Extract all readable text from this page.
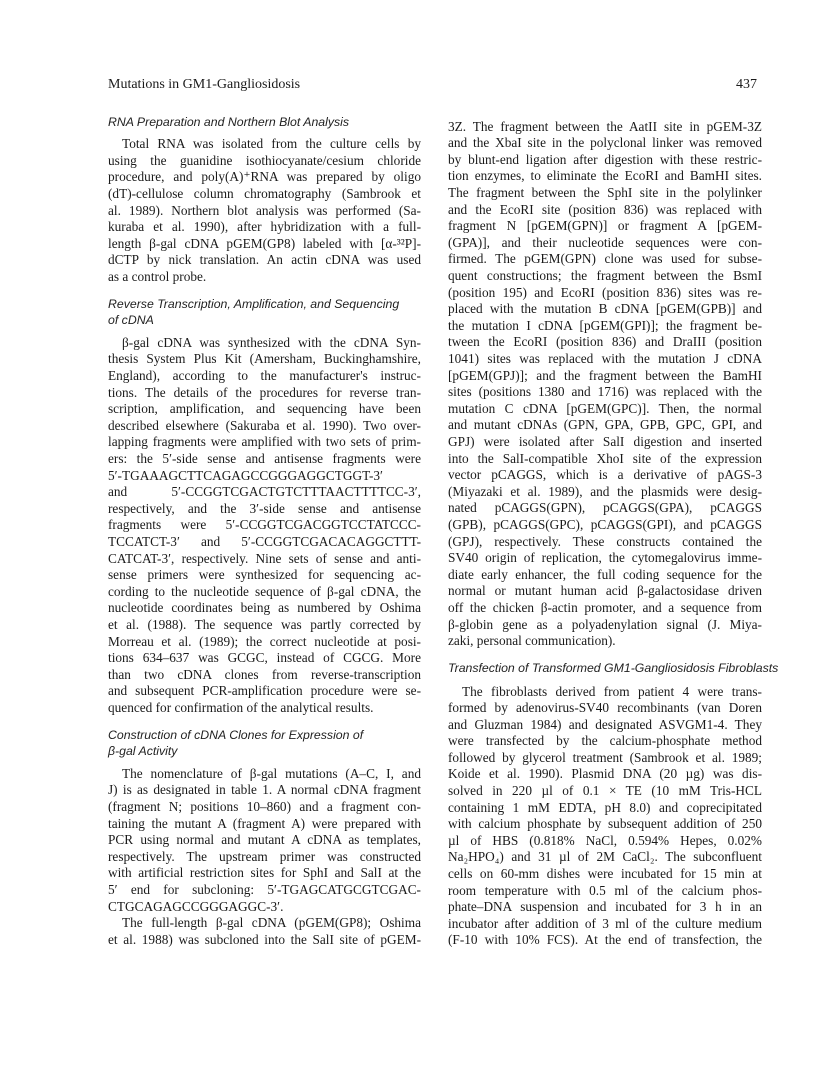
Mutations in GM1-Gangliosidosis	437
RNA Preparation and Northern Blot Analysis
Total RNA was isolated from the culture cells by
using the guanidine isothiocyanate/cesium chloride
procedure, and poly(A)⁺RNA was prepared by oligo
(dT)-cellulose column chromatography (Sambrook et
al. 1989). Northern blot analysis was performed (Sa-
kuraba et al. 1990), after hybridization with a full-
length β-gal cDNA pGEM(GP8) labeled with [α-³²P]-
dCTP by nick translation. An actin cDNA was used
as a control probe.
Reverse Transcription, Amplification, and Sequencing
of cDNA
β-gal cDNA was synthesized with the cDNA Syn-
thesis System Plus Kit (Amersham, Buckinghamshire,
England), according to the manufacturer's instruc-
tions. The details of the procedures for reverse tran-
scription, amplification, and sequencing have been
described elsewhere (Sakuraba et al. 1990). Two over-
lapping fragments were amplified with two sets of prim-
ers: the 5′-side sense and antisense fragments were
5′-TGAAAGCTTCAGAGCCGGGAGGCTGGT-3′
and 5′-CCGGTCGACTGTCTTTAACTTTTCC-3′,
respectively, and the 3′-side sense and antisense
fragments were 5′-CCGGTCGACGGTCCTATCCC-
TCCATCT-3′ and 5′-CCGGTCGACACAGGCTTT-
CATCAT-3′, respectively. Nine sets of sense and anti-
sense primers were synthesized for sequencing ac-
cording to the nucleotide sequence of β-gal cDNA, the
nucleotide coordinates being as numbered by Oshima
et al. (1988). The sequence was partly corrected by
Morreau et al. (1989); the correct nucleotide at posi-
tions 634–637 was GCGC, instead of CGCG. More
than two cDNA clones from reverse-transcription
and subsequent PCR-amplification procedure were se-
quenced for confirmation of the analytical results.
Construction of cDNA Clones for Expression of
β-gal Activity
The nomenclature of β-gal mutations (A–C, I, and
J) is as designated in table 1. A normal cDNA fragment
(fragment N; positions 10–860) and a fragment con-
taining the mutant A (fragment A) were prepared with
PCR using normal and mutant A cDNA as templates,
respectively. The upstream primer was constructed
with artificial restriction sites for SphI and SalI at the
5′ end for subcloning: 5′-TGAGCATGCGTCGAC-
CTGCAGAGCCGGGAGGC-3′.
The full-length β-gal cDNA (pGEM(GP8); Oshima
et al. 1988) was subcloned into the SalI site of pGEM-
3Z. The fragment between the AatII site in pGEM-3Z
and the XbaI site in the polyclonal linker was removed
by blunt-end ligation after digestion with these restric-
tion enzymes, to eliminate the EcoRI and BamHI sites.
The fragment between the SphI site in the polylinker
and the EcoRI site (position 836) was replaced with
fragment N [pGEM(GPN)] or fragment A [pGEM-
(GPA)], and their nucleotide sequences were con-
firmed. The pGEM(GPN) clone was used for subse-
quent constructions; the fragment between the BsmI
(position 195) and EcoRI (position 836) sites was re-
placed with the mutation B cDNA [pGEM(GPB)] and
the mutation I cDNA [pGEM(GPI)]; the fragment be-
tween the EcoRI (position 836) and DraIII (position
1041) sites was replaced with the mutation J cDNA
[pGEM(GPJ)]; and the fragment between the BamHI
sites (positions 1380 and 1716) was replaced with the
mutation C cDNA [pGEM(GPC)]. Then, the normal
and mutant cDNAs (GPN, GPA, GPB, GPC, GPI, and
GPJ) were isolated after SalI digestion and inserted
into the SalI-compatible XhoI site of the expression
vector pCAGGS, which is a derivative of pAGS-3
(Miyazaki et al. 1989), and the plasmids were desig-
nated pCAGGS(GPN), pCAGGS(GPA), pCAGGS
(GPB), pCAGGS(GPC), pCAGGS(GPI), and pCAGGS
(GPJ), respectively. These constructs contained the
SV40 origin of replication, the cytomegalovirus imme-
diate early enhancer, the full coding sequence for the
normal or mutant human acid β-galactosidase driven
off the chicken β-actin promoter, and a sequence from
β-globin gene as a polyadenylation signal (J. Miya-
zaki, personal communication).
Transfection of Transformed GM1-Gangliosidosis Fibroblasts
The fibroblasts derived from patient 4 were trans-
formed by adenovirus-SV40 recombinants (van Doren
and Gluzman 1984) and designated ASVGM1-4. They
were transfected by the calcium-phosphate method
followed by glycerol treatment (Sambrook et al. 1989;
Koide et al. 1990). Plasmid DNA (20 µg) was dis-
solved in 220 µl of 0.1 × TE (10 mM Tris-HCL
containing 1 mM EDTA, pH 8.0) and coprecipitated
with calcium phosphate by subsequent addition of 250
µl of HBS (0.818% NaCl, 0.594% Hepes, 0.02%
Na₂HPO₄) and 31 µl of 2M CaCl₂. The subconfluent
cells on 60-mm dishes were incubated for 15 min at
room temperature with 0.5 ml of the calcium phos-
phate–DNA suspension and incubated for 3 h in an
incubator after addition of 3 ml of the culture medium
(F-10 with 10% FCS). At the end of transfection, the
